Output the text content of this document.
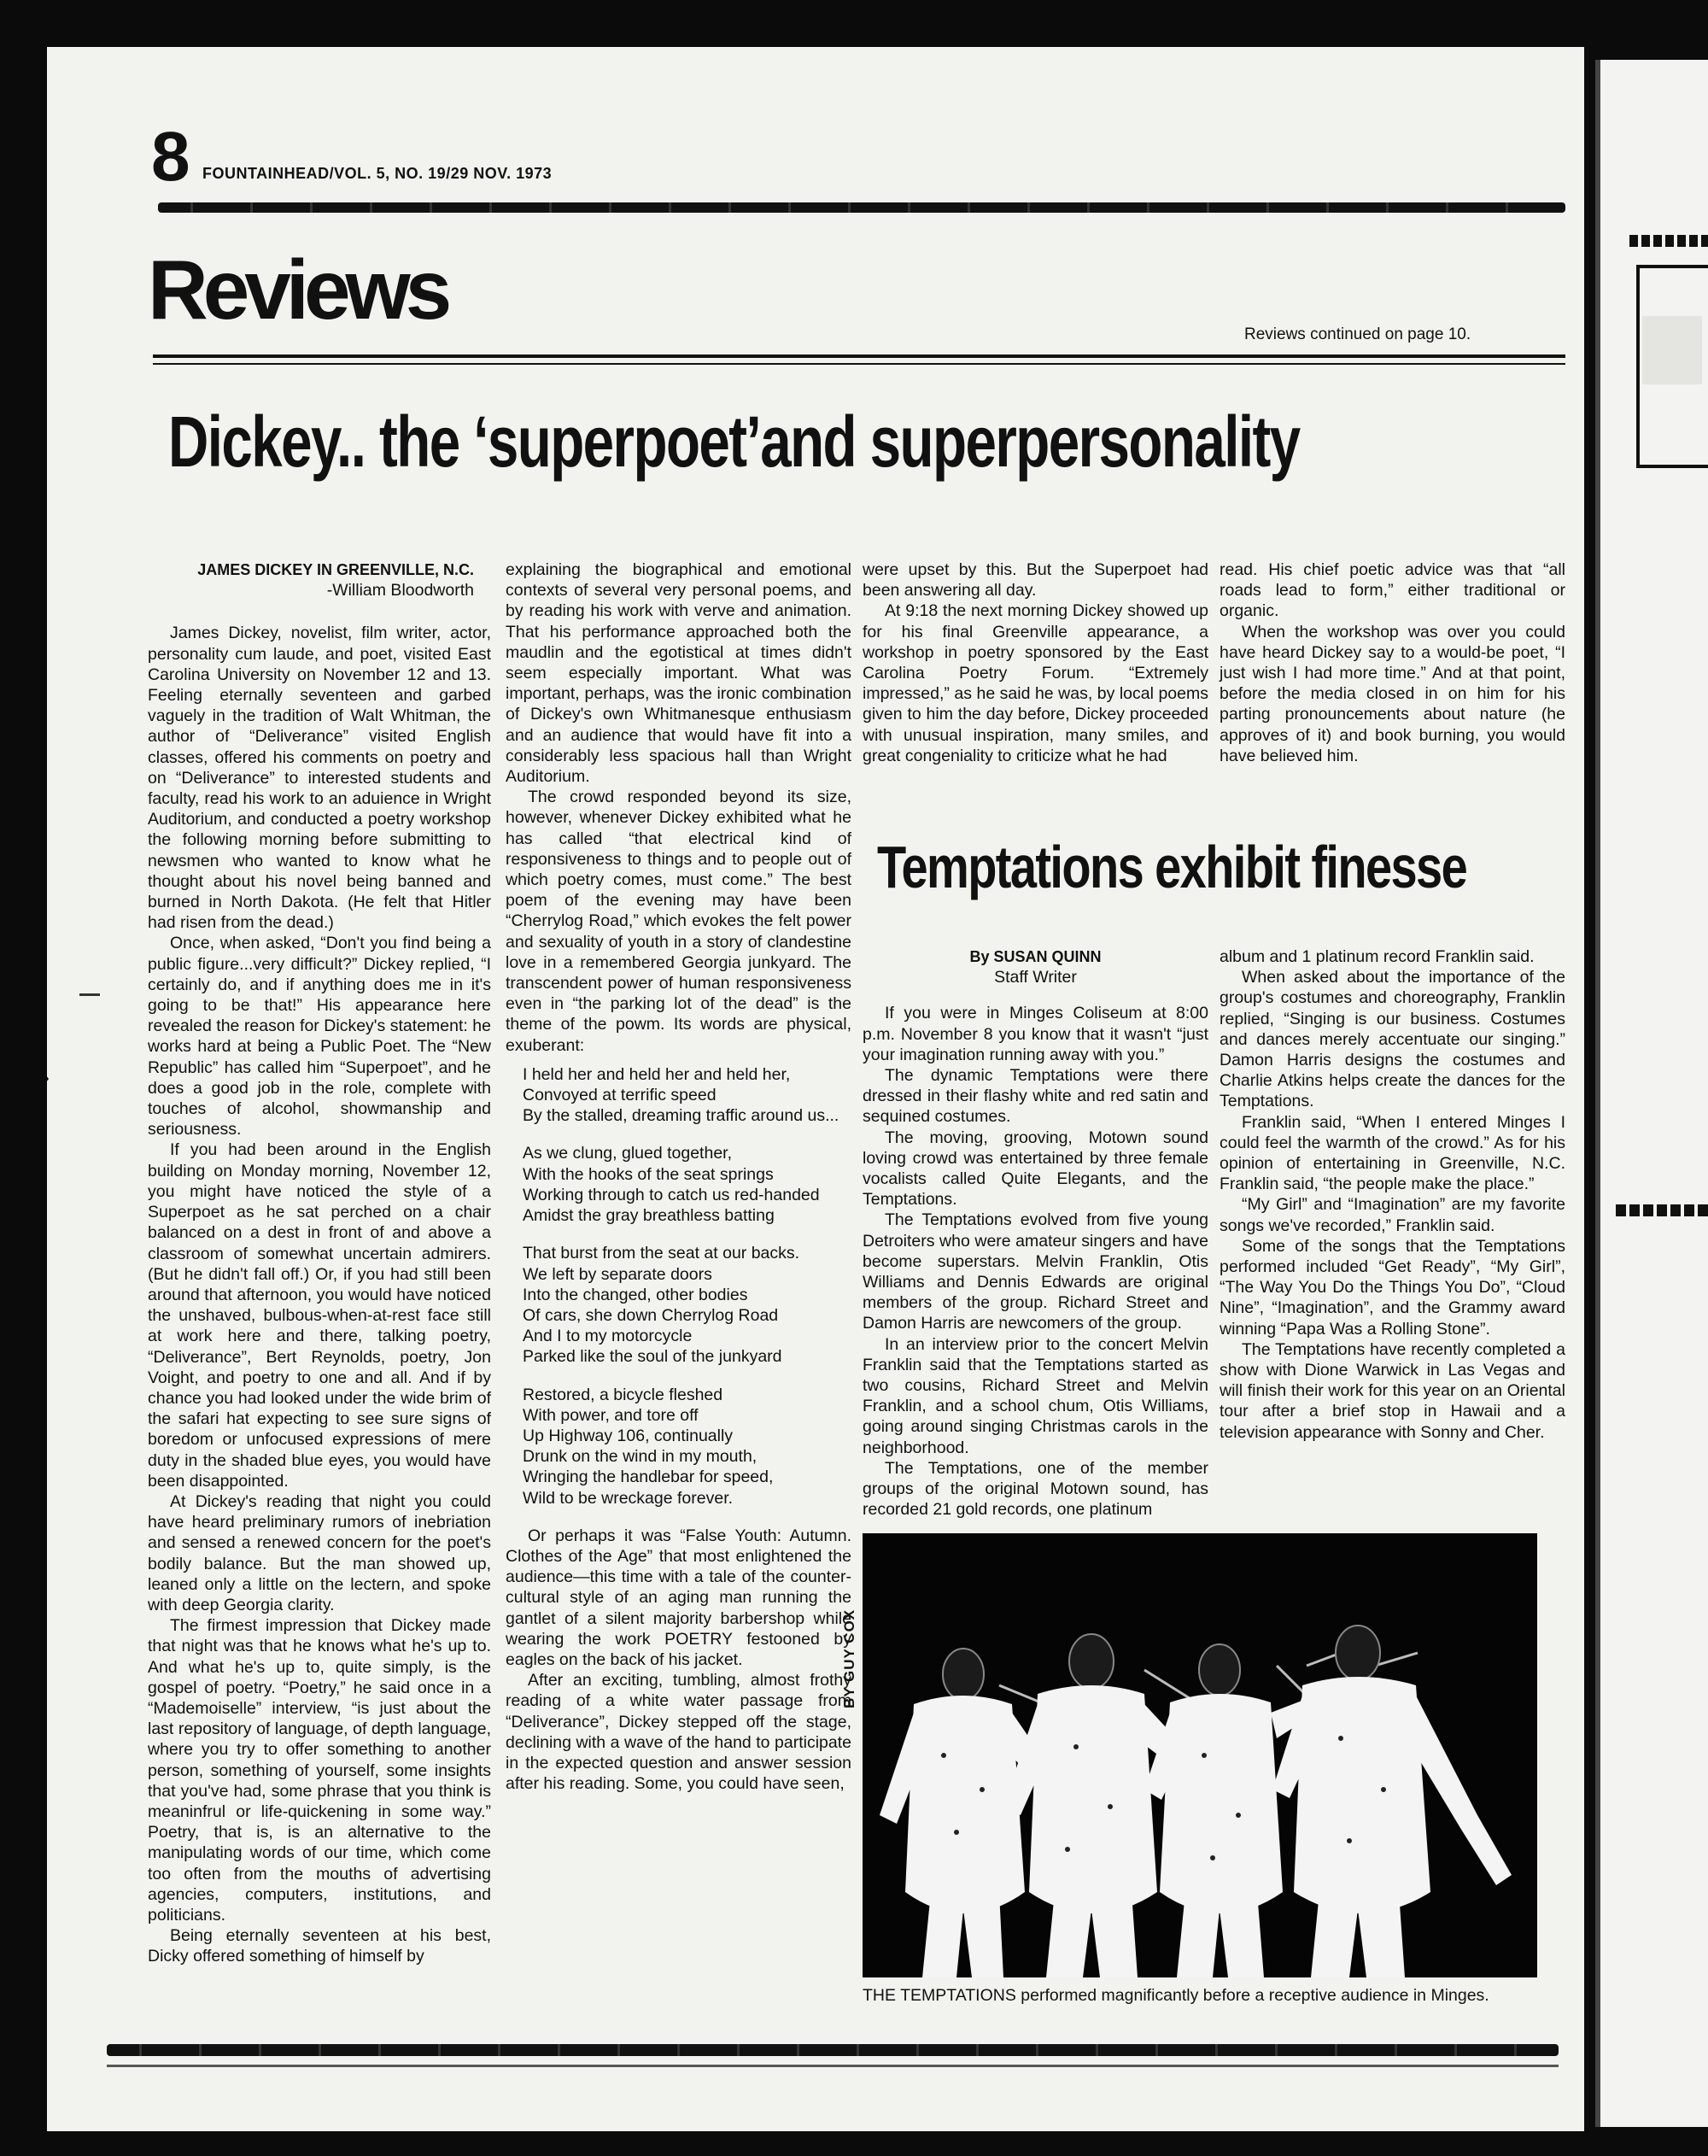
8 FOUNTAINHEAD/VOL. 5, NO. 19/29 NOV. 1973
Reviews	Reviews continued on page 10.
Dickey.. the ‘superpoet’and superpersonality

JAMES DICKEY IN GREENVILLE, N.C.

-William Bloodworth

James Dickey, novelist, film writer, actor, personality cum laude, and poet, visited East Carolina University on November 12 and 13. Feeling eternally seventeen and garbed vaguely in the tradition of Walt Whitman, the author of “Deliverance” visited English classes, offered his comments on poetry and on “Deliverance” to interested students and faculty, read his work to an aduience in Wright Auditorium, and conducted a poetry workshop the following morning before submitting to newsmen who wanted to know what he thought about his novel being banned and burned in North Dakota. (He felt that Hitler had risen from the dead.)

Once, when asked, “Don't you find being a public figure...very difficult?” Dickey replied, “I certainly do, and if anything does me in it's going to be that!” His appearance here revealed the reason for Dickey's statement: he works hard at being a Public Poet. The “New Republic” has called him “Superpoet”, and he does a good job in the role, complete with touches of alcohol, showmanship and seriousness.

If you had been around in the English building on Monday morning, November 12, you might have noticed the style of a Superpoet as he sat perched on a chair balanced on a dest in front of and above a classroom of somewhat uncertain admirers. (But he didn't fall off.) Or, if you had still been around that afternoon, you would have noticed the unshaved, bulbous-when-at-rest face still at work here and there, talking poetry, “Deliverance”, Bert Reynolds, poetry, Jon Voight, and poetry to one and all. And if by chance you had looked under the wide brim of the safari hat expecting to see sure signs of boredom or unfocused expressions of mere duty in the shaded blue eyes, you would have been disappointed.

At Dickey's reading that night you could have heard preliminary rumors of inebriation and sensed a renewed concern for the poet's bodily balance. But the man showed up, leaned only a little on the lectern, and spoke with deep Georgia clarity.

The firmest impression that Dickey made that night was that he knows what he's up to. And what he's up to, quite simply, is the gospel of poetry. “Poetry,” he said once in a “Mademoiselle” interview, “is just about the last repository of language, of depth language, where you try to offer something to another person, something of yourself, some insights that you've had, some phrase that you think is meaninfrul or life-quickening in some way.” Poetry, that is, is an alternative to the manipulating words of our time, which come too often from the mouths of advertising agencies, computers, institutions, and politicians.

Being eternally seventeen at his best, Dicky offered something of himself by

explaining the biographical and emotional contexts of several very personal poems, and by reading his work with verve and animation. That his performance approached both the maudlin and the egotistical at times didn't seem especially important. What was important, perhaps, was the ironic combination of Dickey's own Whitmanesque enthusiasm and an audience that would have fit into a considerably less spacious hall than Wright Auditorium.

The crowd responded beyond its size, however, whenever Dickey exhibited what he has called “that electrical kind of responsiveness to things and to people out of which poetry comes, must come.” The best poem of the evening may have been “Cherrylog Road,” which evokes the felt power and sexuality of youth in a story of clandestine love in a remembered Georgia junkyard. The transcendent power of human responsiveness even in “the parking lot of the dead” is the theme of the powm. Its words are physical, exuberant:

I held her and held her and held her,
Convoyed at terrific speed
By the stalled, dreaming traffic around us...
As we clung, glued together,
With the hooks of the seat springs
Working through to catch us red-handed
Amidst the gray breathless batting
That burst from the seat at our backs.
We left by separate doors
Into the changed, other bodies
Of cars, she down Cherrylog Road
And I to my motorcycle
Parked like the soul of the junkyard
Restored, a bicycle fleshed
With power, and tore off
Up Highway 106, continually
Drunk on the wind in my mouth,
Wringing the handlebar for speed,
Wild to be wreckage forever.

Or perhaps it was “False Youth: Autumn. Clothes of the Age” that most enlightened the audience—this time with a tale of the counter-cultural style of an aging man running the gantlet of a silent majority barbershop while wearing the work POETRY festooned by eagles on the back of his jacket.

After an exciting, tumbling, almost frothy reading of a white water passage from “Deliverance”, Dickey stepped off the stage, declining with a wave of the hand to participate in the expected question and answer session after his reading. Some, you could have seen,

were upset by this. But the Superpoet had been answering all day.

At 9:18 the next morning Dickey showed up for his final Greenville appearance, a workshop in poetry sponsored by the East Carolina Poetry Forum. “Extremely impressed,” as he said he was, by local poems given to him the day before, Dickey proceeded with unusual inspiration, many smiles, and great congeniality to criticize what he had

read. His chief poetic advice was that “all roads lead to form,” either traditional or organic.

When the workshop was over you could have heard Dickey say to a would-be poet, “I just wish I had more time.” And at that point, before the media closed in on him for his parting pronouncements about nature (he approves of it) and book burning, you would have believed him.

Temptations exhibit finesse

By SUSAN QUINN

Staff Writer

If you were in Minges Coliseum at 8:00 p.m. November 8 you know that it wasn't “just your imagination running away with you.”

The dynamic Temptations were there dressed in their flashy white and red satin and sequined costumes.

The moving, grooving, Motown sound loving crowd was entertained by three female vocalists called Quite Elegants, and the Temptations.

The Temptations evolved from five young Detroiters who were amateur singers and have become superstars. Melvin Franklin, Otis Williams and Dennis Edwards are original members of the group. Richard Street and Damon Harris are newcomers of the group.

In an interview prior to the concert Melvin Franklin said that the Temptations started as two cousins, Richard Street and Melvin Franklin, and a school chum, Otis Williams, going around singing Christmas carols in the neighborhood.

The Temptations, one of the member groups of the original Motown sound, has recorded 21 gold records, one platinum

album and 1 platinum record Franklin said.

When asked about the importance of the group's costumes and choreography, Franklin replied, “Singing is our business. Costumes and dances merely accentuate our singing.” Damon Harris designs the costumes and Charlie Atkins helps create the dances for the Temptations.

Franklin said, “When I entered Minges I could feel the warmth of the crowd.” As for his opinion of entertaining in Greenville, N.C. Franklin said, “the people make the place.”

“My Girl” and “Imagination” are my favorite songs we've recorded,” Franklin said.

Some of the songs that the Temptations performed included “Get Ready”, “My Girl”, “The Way You Do the Things You Do”, “Cloud Nine”, “Imagination”, and the Grammy award winning “Papa Was a Rolling Stone”.

The Temptations have recently completed a show with Dione Warwick in Las Vegas and will finish their work for this year on an Oriental tour after a brief stop in Hawaii and a television appearance with Sonny and Cher.

BY GUY COX
THE TEMPTATIONS performed magnificantly before a receptive audience in Minges.
